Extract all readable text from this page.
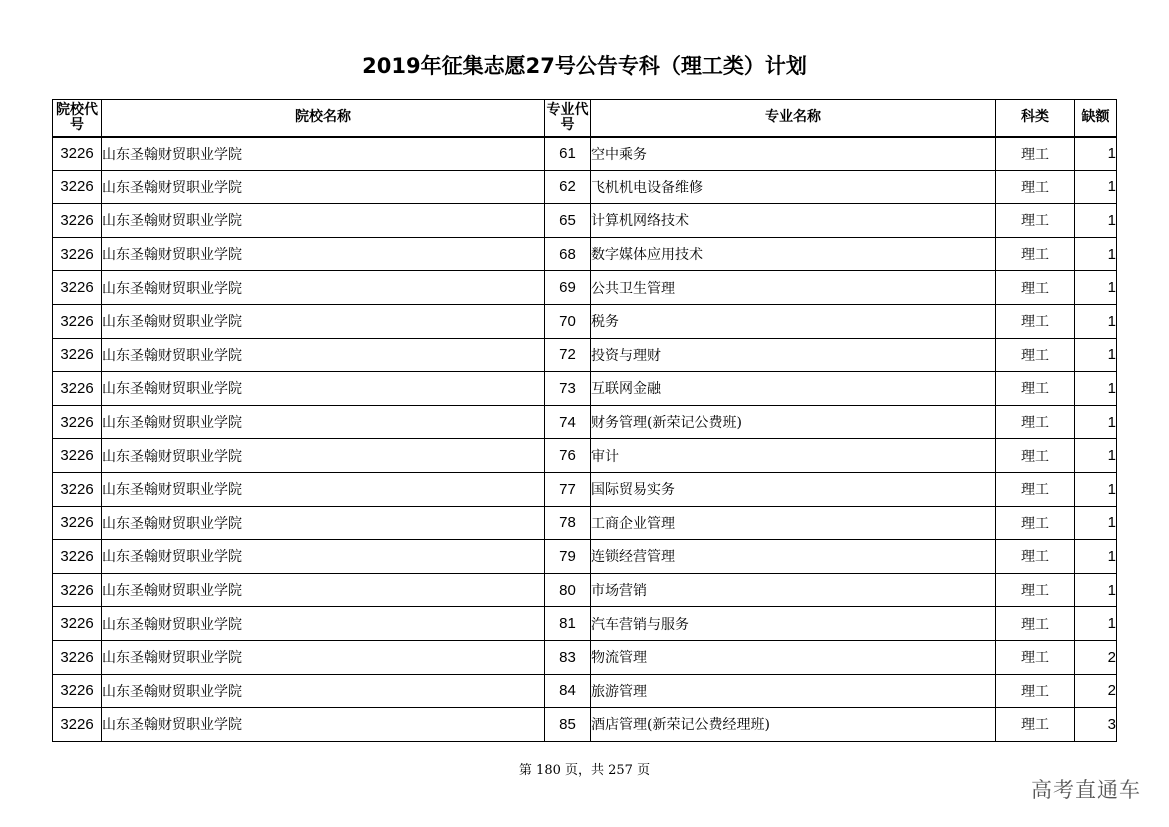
2019年征集志愿27号公告专科（理工类）计划
院校代号	院校名称	专业代号	专业名称	科类	缺额
3226	山东圣翰财贸职业学院	61	空中乘务	理工	1
3226	山东圣翰财贸职业学院	62	飞机机电设备维修	理工	1
3226	山东圣翰财贸职业学院	65	计算机网络技术	理工	1
3226	山东圣翰财贸职业学院	68	数字媒体应用技术	理工	1
3226	山东圣翰财贸职业学院	69	公共卫生管理	理工	1
3226	山东圣翰财贸职业学院	70	税务	理工	1
3226	山东圣翰财贸职业学院	72	投资与理财	理工	1
3226	山东圣翰财贸职业学院	73	互联网金融	理工	1
3226	山东圣翰财贸职业学院	74	财务管理(新荣记公费班)	理工	1
3226	山东圣翰财贸职业学院	76	审计	理工	1
3226	山东圣翰财贸职业学院	77	国际贸易实务	理工	1
3226	山东圣翰财贸职业学院	78	工商企业管理	理工	1
3226	山东圣翰财贸职业学院	79	连锁经营管理	理工	1
3226	山东圣翰财贸职业学院	80	市场营销	理工	1
3226	山东圣翰财贸职业学院	81	汽车营销与服务	理工	1
3226	山东圣翰财贸职业学院	83	物流管理	理工	2
3226	山东圣翰财贸职业学院	84	旅游管理	理工	2
3226	山东圣翰财贸职业学院	85	酒店管理(新荣记公费经理班)	理工	3
第 180 页，共 257 页
高考直通车
